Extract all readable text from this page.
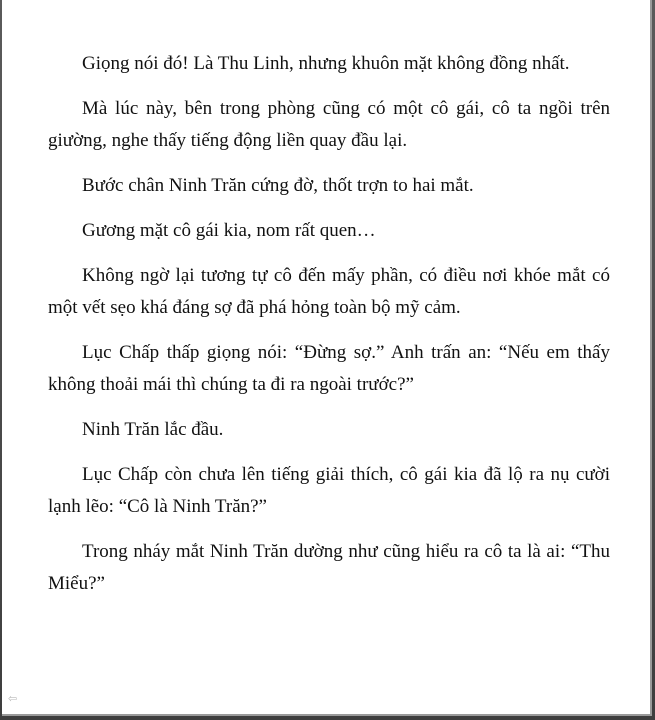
Giọng nói đó! Là Thu Linh, nhưng khuôn mặt không đồng nhất.

Mà lúc này, bên trong phòng cũng có một cô gái, cô ta ngồi trên giường, nghe thấy tiếng động liền quay đầu lại.

Bước chân Ninh Trăn cứng đờ, thốt trợn to hai mắt.

Gương mặt cô gái kia, nom rất quen…

Không ngờ lại tương tự cô đến mấy phần, có điều nơi khóe mắt có một vết sẹo khá đáng sợ đã phá hỏng toàn bộ mỹ cảm.

Lục Chấp thấp giọng nói: “Đừng sợ.” Anh trấn an: “Nếu em thấy không thoải mái thì chúng ta đi ra ngoài trước?”

Ninh Trăn lắc đầu.

Lục Chấp còn chưa lên tiếng giải thích, cô gái kia đã lộ ra nụ cười lạnh lẽo: “Cô là Ninh Trăn?”

Trong nháy mắt Ninh Trăn dường như cũng hiểu ra cô ta là ai: “Thu Miểu?”

⇦
